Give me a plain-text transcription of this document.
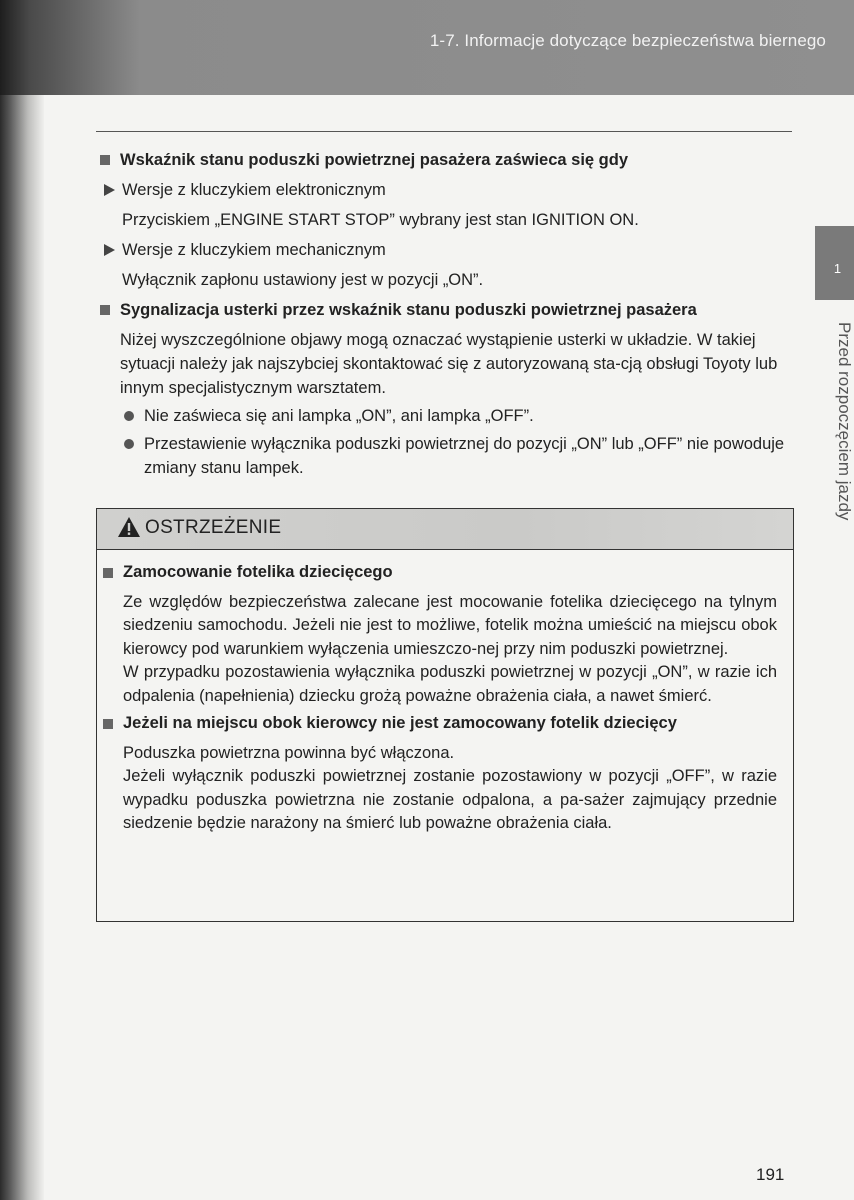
1-7. Informacje dotyczące bezpieczeństwa biernego
1
Przed rozpoczęciem jazdy
Wskaźnik stanu poduszki powietrznej pasażera zaświeca się gdy
Wersje z kluczykiem elektronicznym
Przyciskiem „ENGINE START STOP” wybrany jest stan IGNITION ON.
Wersje z kluczykiem mechanicznym
Wyłącznik zapłonu ustawiony jest w pozycji „ON”.
Sygnalizacja usterki przez wskaźnik stanu poduszki powietrznej pasażera
Niżej wyszczególnione objawy mogą oznaczać wystąpienie usterki w układzie. W takiej sytuacji należy jak najszybciej skontaktować się z autoryzowaną sta-cją obsługi Toyoty lub innym specjalistycznym warsztatem.
Nie zaświeca się ani lampka „ON”, ani lampka „OFF”.
Przestawienie wyłącznika poduszki powietrznej do pozycji „ON” lub „OFF” nie powoduje zmiany stanu lampek.
OSTRZEŻENIE
Zamocowanie fotelika dziecięcego
Ze względów bezpieczeństwa zalecane jest mocowanie fotelika dziecięcego na tylnym siedzeniu samochodu. Jeżeli nie jest to możliwe, fotelik można umieścić na miejscu obok kierowcy pod warunkiem wyłączenia umieszczo-nej przy nim poduszki powietrznej.
W przypadku pozostawienia wyłącznika poduszki powietrznej w pozycji „ON”, w razie ich odpalenia (napełnienia) dziecku grożą poważne obrażenia ciała, a nawet śmierć.
Jeżeli na miejscu obok kierowcy nie jest zamocowany fotelik dziecięcy
Poduszka powietrzna powinna być włączona.
Jeżeli wyłącznik poduszki powietrznej zostanie pozostawiony w pozycji „OFF”, w razie wypadku poduszka powietrzna nie zostanie odpalona, a pa-sażer zajmujący przednie siedzenie będzie narażony na śmierć lub poważne obrażenia ciała.
191
